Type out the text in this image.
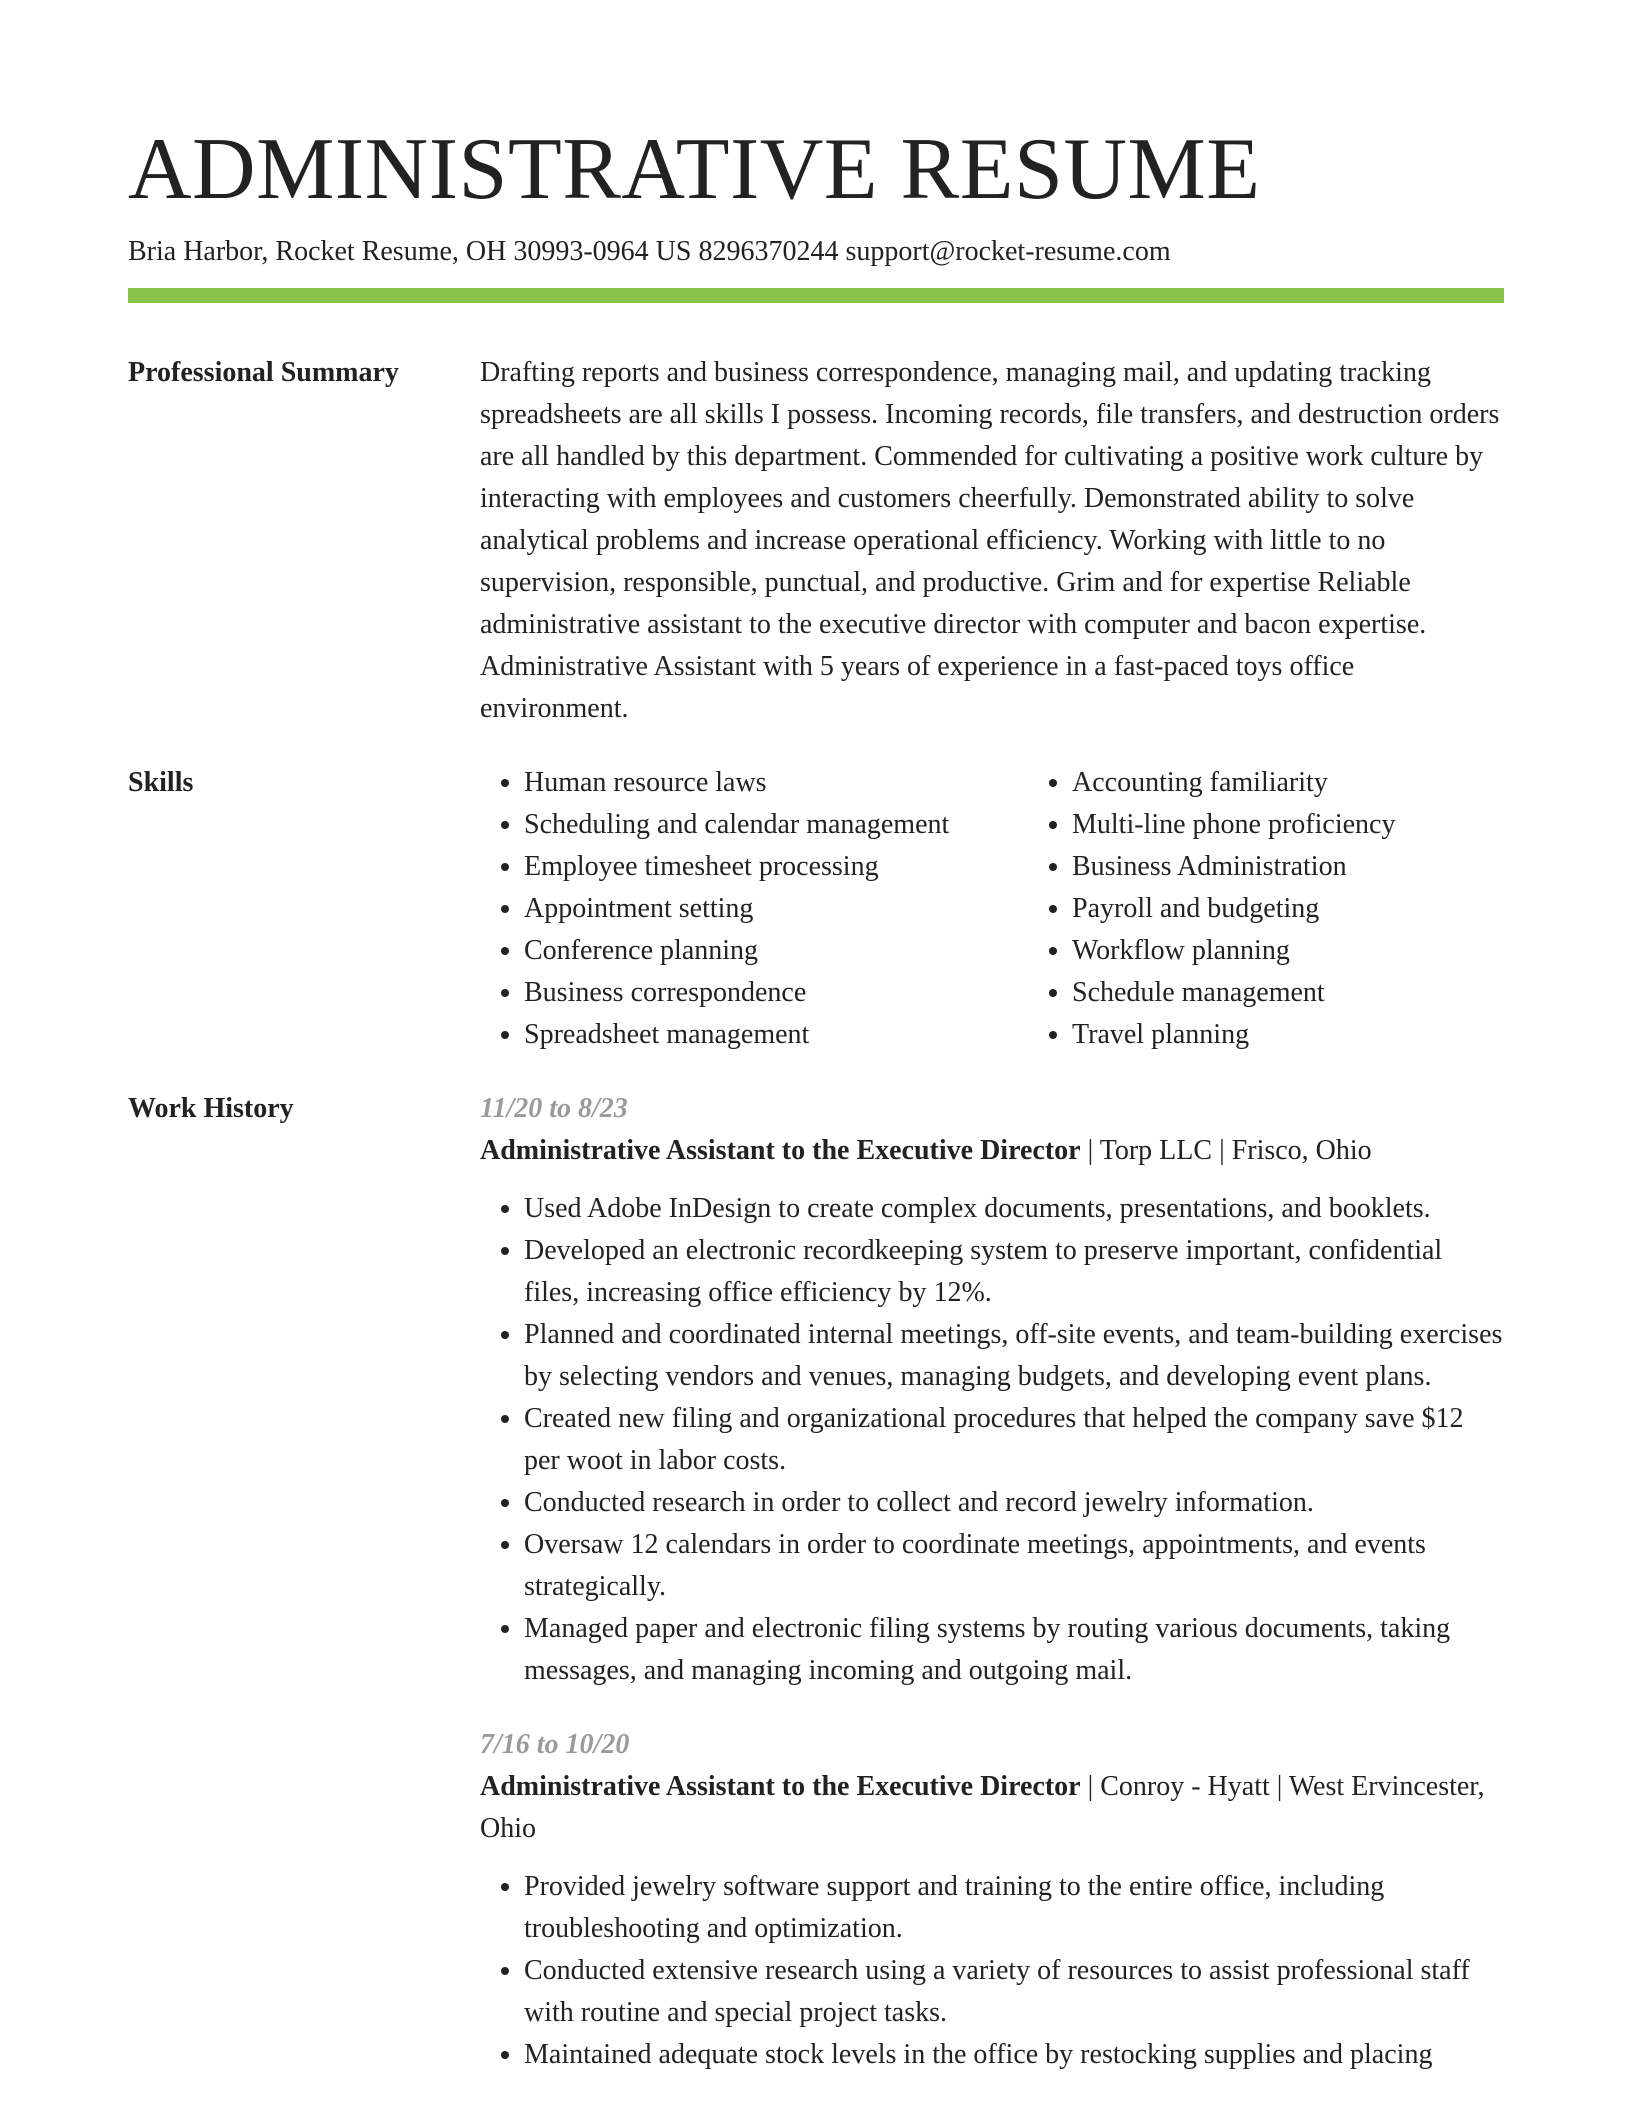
ADMINISTRATIVE RESUME
Bria Harbor, Rocket Resume, OH 30993-0964 US 8296370244 support@rocket-resume.com
Professional Summary	Drafting reports and business correspondence, managing mail, and updating tracking spreadsheets are all skills I possess. Incoming records, file transfers, and destruction orders are all handled by this department. Commended for cultivating a positive work culture by interacting with employees and customers cheerfully. Demonstrated ability to solve analytical problems and increase operational efficiency. Working with little to no supervision, responsible, punctual, and productive. Grim and for expertise Reliable administrative assistant to the executive director with computer and bacon expertise. Administrative Assistant with 5 years of experience in a fast-paced toys office environment.
Skills
•	Human resource laws
• Scheduling and calendar management
• Employee timesheet processing
• Appointment setting
• Conference planning
• Business correspondence
• Spreadsheet management
• Accounting familiarity
• Multi-line phone proficiency
• Business Administration
• Payroll and budgeting
• Workflow planning
• Schedule management
• Travel planning
Work History	11/20 to 8/23
Administrative Assistant to the Executive Director | Torp LLC | Frisco, Ohio
• Used Adobe InDesign to create complex documents, presentations, and booklets.
• Developed an electronic recordkeeping system to preserve important, confidential files, increasing office efficiency by 12%.
• Planned and coordinated internal meetings, off-site events, and team-building exercises by selecting vendors and venues, managing budgets, and developing event plans.
• Created new filing and organizational procedures that helped the company save $12 per woot in labor costs.
• Conducted research in order to collect and record jewelry information.
• Oversaw 12 calendars in order to coordinate meetings, appointments, and events strategically.
• Managed paper and electronic filing systems by routing various documents, taking messages, and managing incoming and outgoing mail.
7/16 to 10/20
Administrative Assistant to the Executive Director | Conroy - Hyatt | West Ervincester, Ohio
• Provided jewelry software support and training to the entire office, including troubleshooting and optimization.
• Conducted extensive research using a variety of resources to assist professional staff with routine and special project tasks.
• Maintained adequate stock levels in the office by restocking supplies and placing
